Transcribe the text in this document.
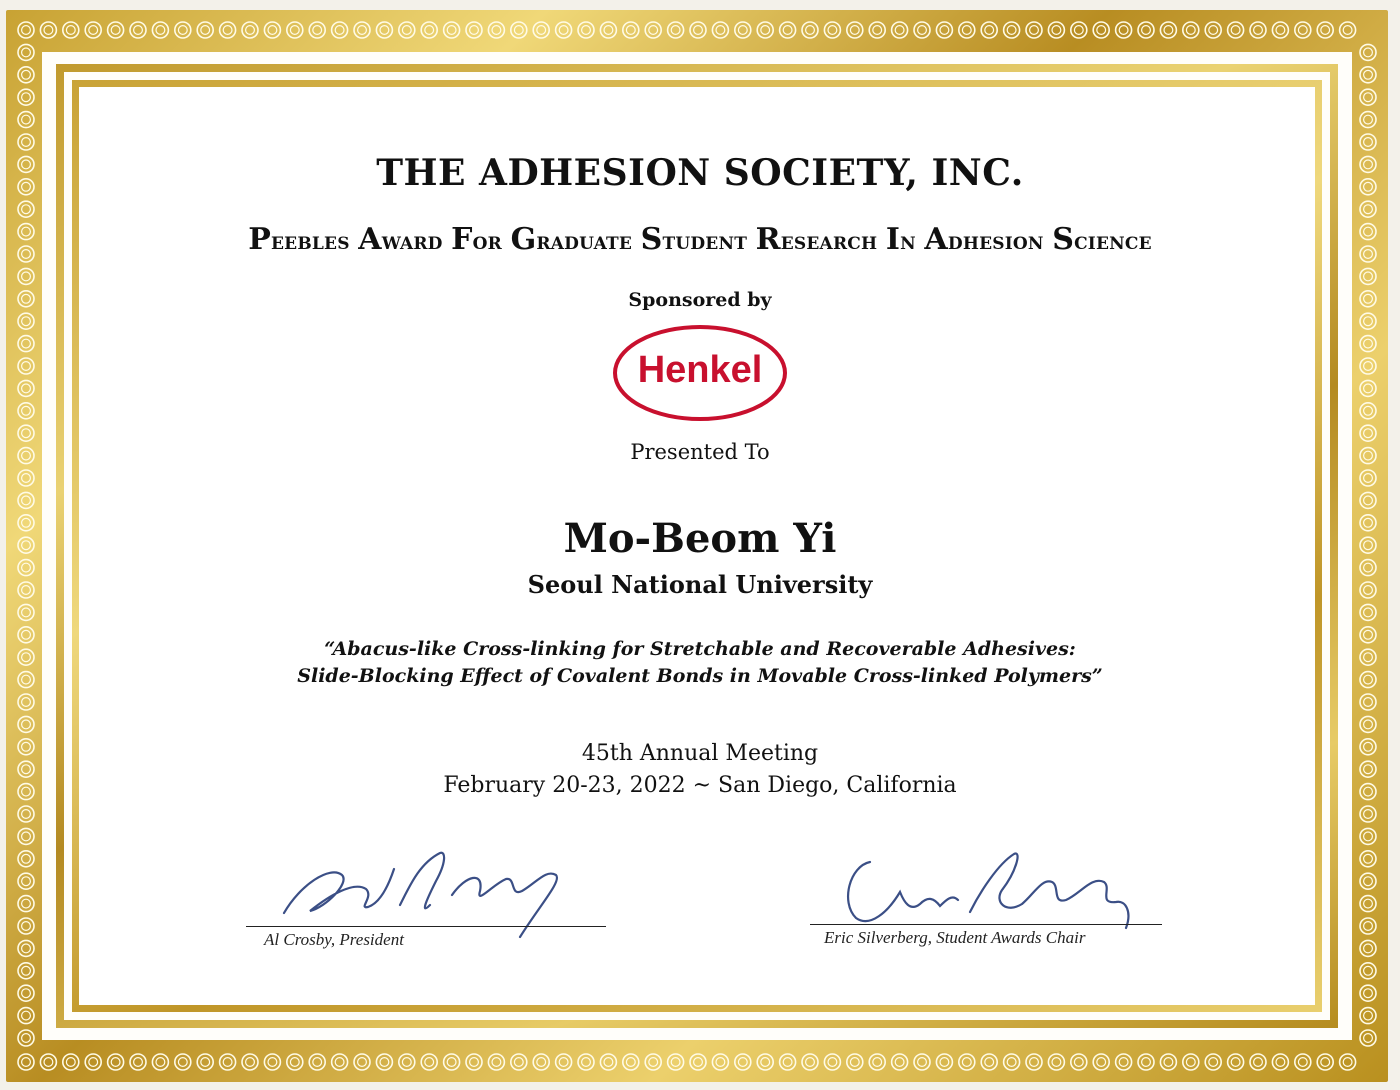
THE ADHESION SOCIETY, INC.
Peebles Award For Graduate Student Research In Adhesion Science
Sponsored by
Henkel
Presented To
Mo-Beom Yi
Seoul National University
“Abacus-like Cross-linking for Stretchable and Recoverable Adhesives:
Slide-Blocking Effect of Covalent Bonds in Movable Cross-linked Polymers”
45th Annual Meeting
February 20-23, 2022 ~ San Diego, California
Al Crosby, President	Eric Silverberg, Student Awards Chair
